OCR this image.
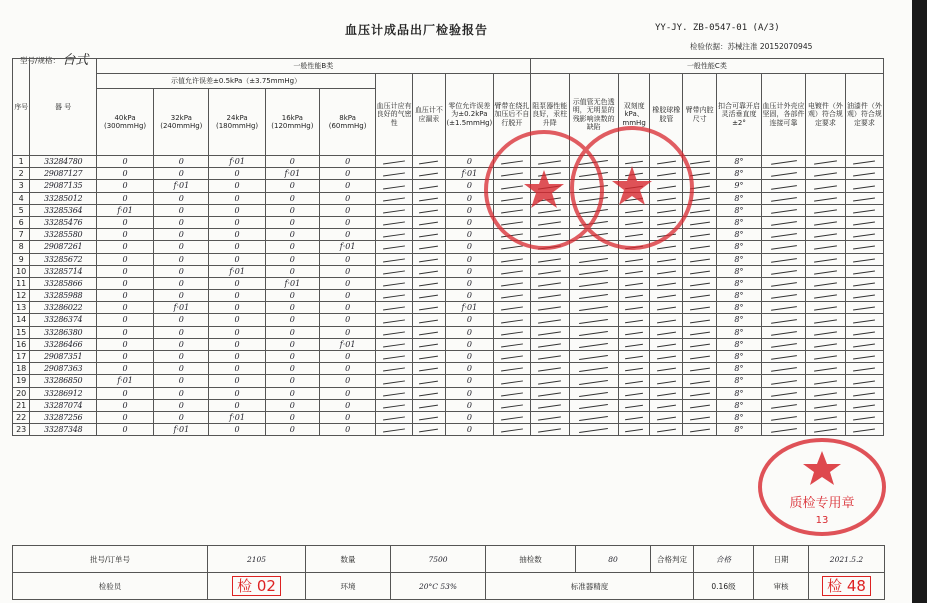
血压计成品出厂检验报告	YY-JY. ZB-0547-01 (A/3)
检验依据：苏械注准 20152070945
型号/规格： 台式
序号	器 号	一般性能B类									一般性能C类								
		示值允许误差±0.5kPa（±3.75mmHg）					血压计应有良好的气密性	血压计不应漏汞	零位允许误差为±0.2kPa (±1.5mmHg)	臂带在绕扎加压后不自行脱开	阻泵器性能良好，汞柱升降	示值管无色透明，无明显的残影响读数的缺陷	双刻度 kPa、mmHg	橡胶球橡胶管	臂带内腔尺寸	扣合可靠开启灵活垂直度±2°	血压计外壳应坚固，各部件连接可靠	电镀件（外观）符合规定要求	油漆件（外观）符合规定要求
		40kPa (300mmHg)	32kPa (240mmHg)	24kPa (180mmHg)	16kPa (120mmHg)	8kPa (60mmHg)													
1	33284780	0	0	f·01	0	0			0							8°			
2	29087127	0	0	0	f·01	0			f·01							8°			
3	29087135	0	f·01	0	0	0			0							9°			
4	33285012	0	0	0	0	0			0							8°			
5	33285364	f·01	0	0	0	0			0							8°			
6	33285476	0	0	0	0	0			0							8°			
7	33285580	0	0	0	0	0			0							8°			
8	29087261	0	0	0	0	f·01			0							8°			
9	33285672	0	0	0	0	0			0							8°			
10	33285714	0	0	f·01	0	0			0							8°			
11	33285866	0	0	0	f·01	0			0							8°			
12	33285988	0	0	0	0	0			0							8°			
13	33286022	0	f·01	0	0	0			f·01							8°			
14	33286374	0	0	0	0	0			0							8°			
15	33286380	0	0	0	0	0			0							8°			
16	33286466	0	0	0	0	f·01			0							8°			
17	29087351	0	0	0	0	0			0							8°			
18	29087363	0	0	0	0	0			0							8°			
19	33286850	f·01	0	0	0	0			0							8°			
20	33286912	0	0	0	0	0			0							8°			
21	33287074	0	0	0	0	0			0							8°			
22	33287256	0	0	f·01	0	0			0							8°			
23	33287348	0	f·01	0	0	0			0							8°			
批号/订单号	2105	数量	7500	抽检数	80	合格判定	合格	日期	2021.5.2
检验员	检 02	环境	20°C 53%	标准器精度			0.16级	审核	检 48
质检专用章
13
